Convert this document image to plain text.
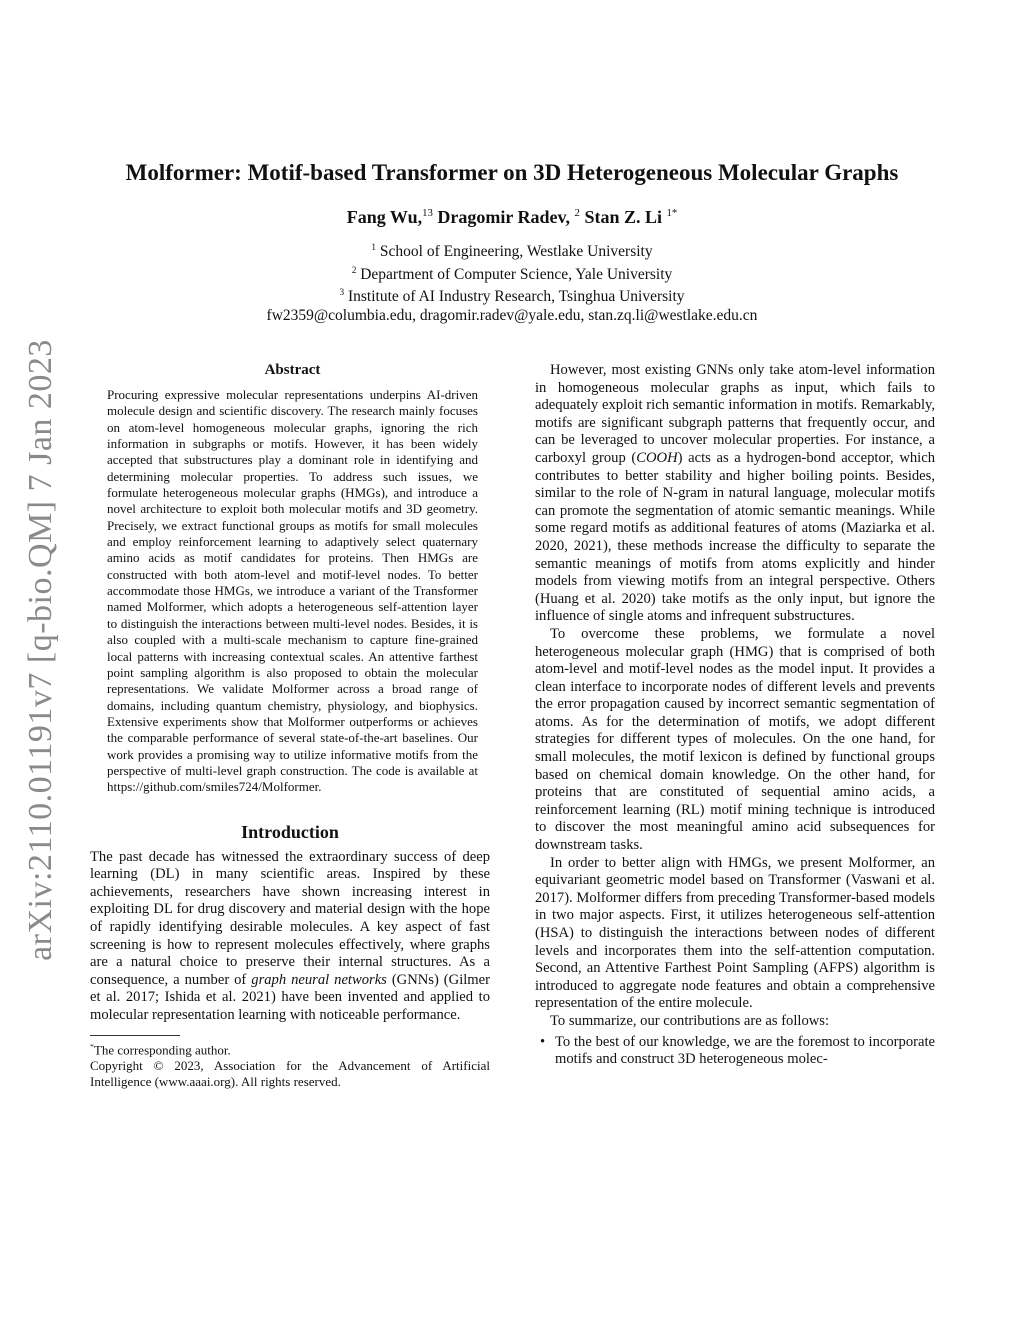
arXiv:2110.01191v7 [q-bio.QM] 7 Jan 2023
Molformer: Motif-based Transformer on 3D Heterogeneous Molecular Graphs
Fang Wu,$^{13}$ Dragomir Radev, $^2$ Stan Z. Li $^{1*}$
$^1$ School of Engineering, Westlake University
$^2$ Department of Computer Science, Yale University
$^3$ Institute of AI Industry Research, Tsinghua University
fw2359@columbia.edu, dragomir.radev@yale.edu, stan.zq.li@westlake.edu.cn
Abstract

Procuring expressive molecular representations underpins AI-driven molecule design and scientific discovery. The research mainly focuses on atom-level homogeneous molecular graphs, ignoring the rich information in subgraphs or motifs. However, it has been widely accepted that substructures play a dominant role in identifying and determining molecular properties. To address such issues, we formulate heterogeneous molecular graphs (HMGs), and introduce a novel architecture to exploit both molecular motifs and 3D geometry. Precisely, we extract functional groups as motifs for small molecules and employ reinforcement learning to adaptively select quaternary amino acids as motif candidates for proteins. Then HMGs are constructed with both atom-level and motif-level nodes. To better accommodate those HMGs, we introduce a variant of the Transformer named Molformer, which adopts a heterogeneous self-attention layer to distinguish the interactions between multi-level nodes. Besides, it is also coupled with a multi-scale mechanism to capture fine-grained local patterns with increasing contextual scales. An attentive farthest point sampling algorithm is also proposed to obtain the molecular representations. We validate Molformer across a broad range of domains, including quantum chemistry, physiology, and biophysics. Extensive experiments show that Molformer outperforms or achieves the comparable performance of several state-of-the-art baselines. Our work provides a promising way to utilize informative motifs from the perspective of multi-level graph construction. The code is available at https://github.com/smiles724/Molformer.

Introduction

The past decade has witnessed the extraordinary success of deep learning (DL) in many scientific areas. Inspired by these achievements, researchers have shown increasing interest in exploiting DL for drug discovery and material design with the hope of rapidly identifying desirable molecules. A key aspect of fast screening is how to represent molecules effectively, where graphs are a natural choice to preserve their internal structures. As a consequence, a number of graph neural networks (GNNs) (Gilmer et al. 2017; Ishida et al. 2021) have been invented and applied to molecular representation learning with noticeable performance.

*The corresponding author.

Copyright © 2023, Association for the Advancement of Artificial Intelligence (www.aaai.org). All rights reserved.

However, most existing GNNs only take atom-level information in homogeneous molecular graphs as input, which fails to adequately exploit rich semantic information in motifs. Remarkably, motifs are significant subgraph patterns that frequently occur, and can be leveraged to uncover molecular properties. For instance, a carboxyl group (COOH) acts as a hydrogen-bond acceptor, which contributes to better stability and higher boiling points. Besides, similar to the role of N-gram in natural language, molecular motifs can promote the segmentation of atomic semantic meanings. While some regard motifs as additional features of atoms (Maziarka et al. 2020, 2021), these methods increase the difficulty to separate the semantic meanings of motifs from atoms explicitly and hinder models from viewing motifs from an integral perspective. Others (Huang et al. 2020) take motifs as the only input, but ignore the influence of single atoms and infrequent substructures.

To overcome these problems, we formulate a novel heterogeneous molecular graph (HMG) that is comprised of both atom-level and motif-level nodes as the model input. It provides a clean interface to incorporate nodes of different levels and prevents the error propagation caused by incorrect semantic segmentation of atoms. As for the determination of motifs, we adopt different strategies for different types of molecules. On the one hand, for small molecules, the motif lexicon is defined by functional groups based on chemical domain knowledge. On the other hand, for proteins that are constituted of sequential amino acids, a reinforcement learning (RL) motif mining technique is introduced to discover the most meaningful amino acid subsequences for downstream tasks.

In order to better align with HMGs, we present Molformer, an equivariant geometric model based on Transformer (Vaswani et al. 2017). Molformer differs from preceding Transformer-based models in two major aspects. First, it utilizes heterogeneous self-attention (HSA) to distinguish the interactions between nodes of different levels and incorporates them into the self-attention computation. Second, an Attentive Farthest Point Sampling (AFPS) algorithm is introduced to aggregate node features and obtain a comprehensive representation of the entire molecule.

To summarize, our contributions are as follows:

• To the best of our knowledge, we are the foremost to incorporate motifs and construct 3D heterogeneous molec-
